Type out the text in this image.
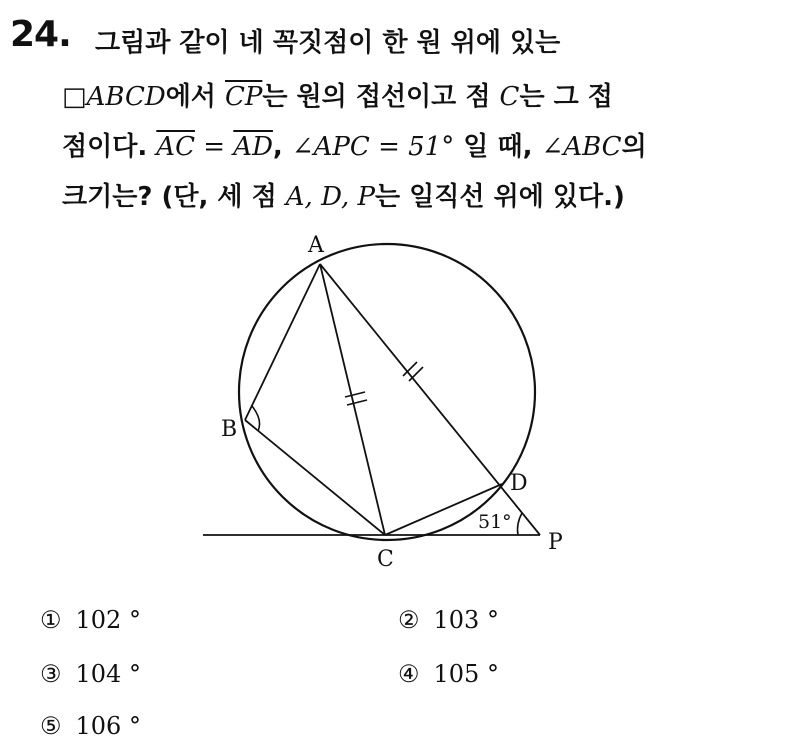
24. 그림과 같이 네 꼭짓점이 한 원 위에 있는
□ABCD에서 $\overline{CP}$는 원의 접선이고 점 C는 그 접
점이다. $\overline{AC} = \overline{AD}$, ∠APC = 51° 일 때, ∠ABC의
크기는? (단, 세 점 A, D, P는 일직선 위에 있다.)
A
B
C
D
P
51°
① 102 °	② 103 °
③ 104 °	④ 105 °
⑤ 106 °
